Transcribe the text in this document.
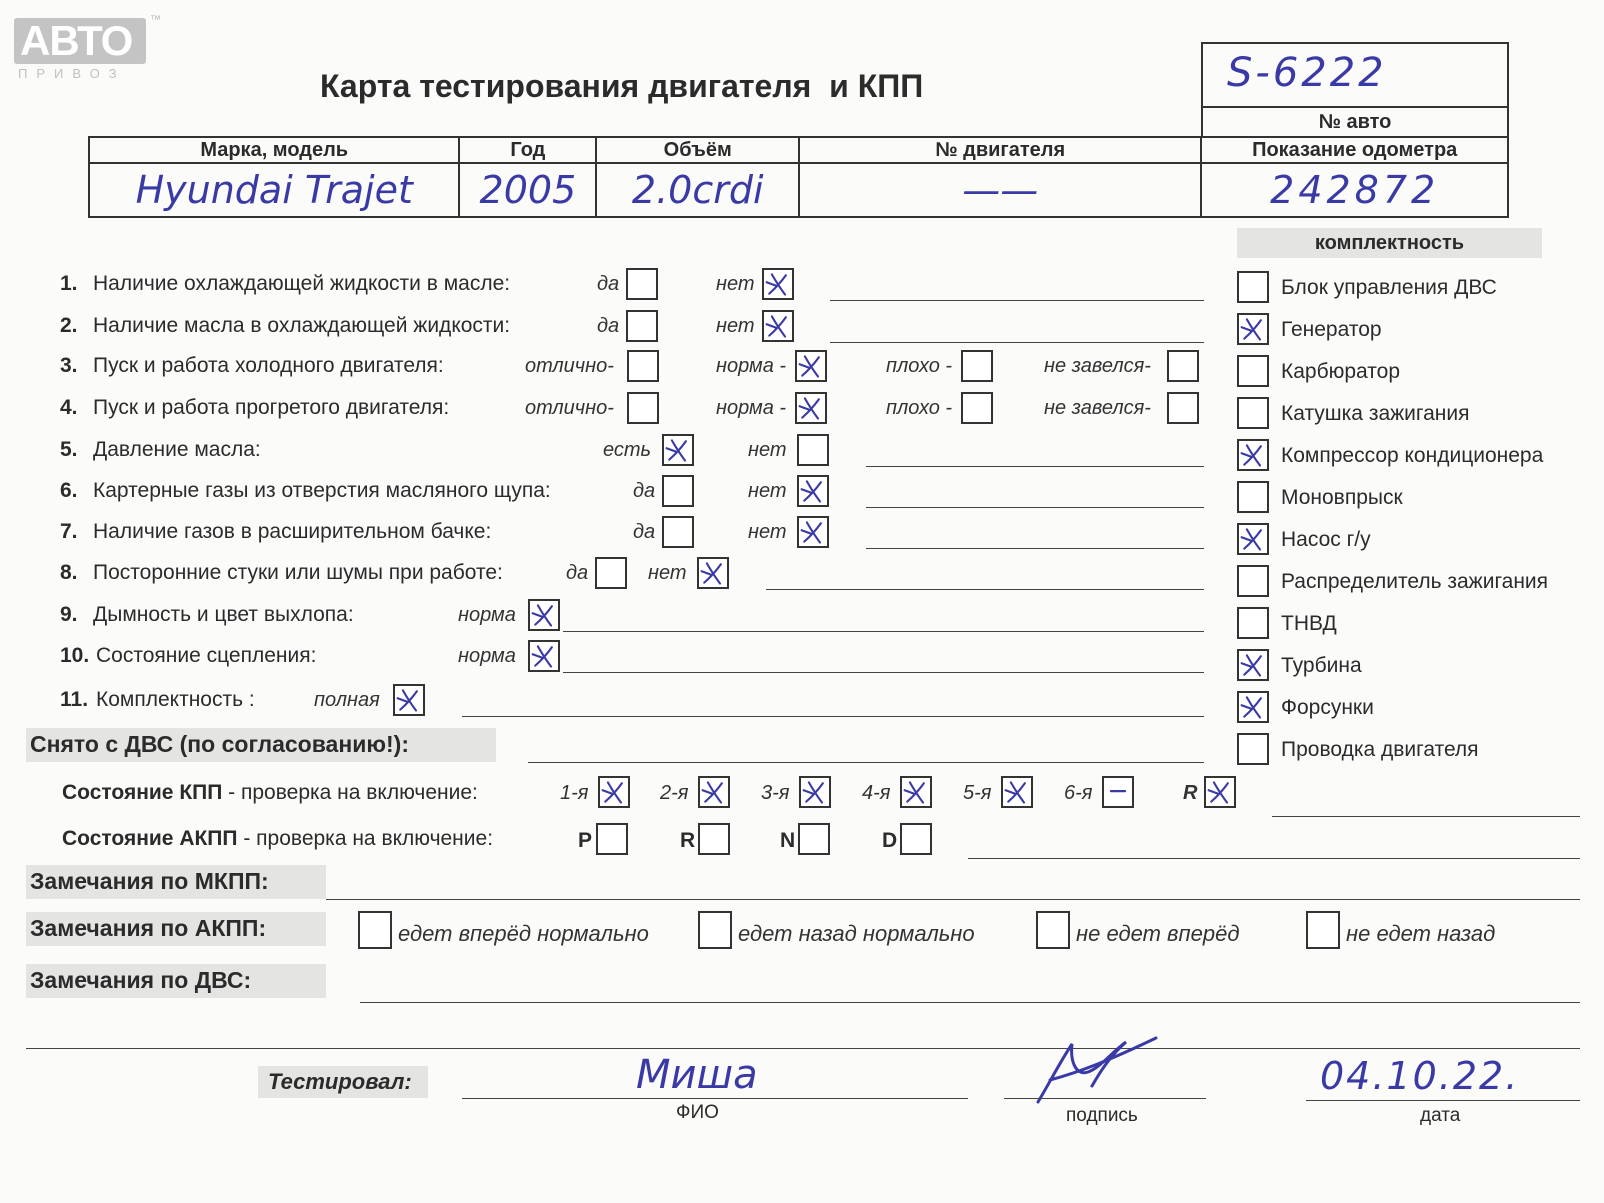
АВТО ™
ПРИВОЗ	Карта тестирования двигателя  и КПП	S-6222
№ авто
Марка, модель	Год	Объём	№ двигателя	Показание одометра
Hyundai Trajet	2005	2.0crdi	——	242872
1. Наличие охлаждающей жидкости в масле:	да	нет
2. Наличие масла в охлаждающей жидкости:	да	нет
3. Пуск и работа холодного двигателя:	отлично-	норма -	плохо -	не завелся-
4. Пуск и работа прогретого двигателя:	отлично-	норма -	плохо -	не завелся-
5. Давление масла:	есть	нет
6. Картерные газы из отверстия масляного щупа:	да	нет
7. Наличие газов в расширительном бачке:	да	нет
8. Посторонние стуки или шумы при работе:	да	нет
9. Дымность и цвет выхлопа:	норма
10. Состояние сцепления:	норма
11. Комплектность :	полная
комплектность
Блок управления ДВС
Генератор
Карбюратор
Катушка зажигания
Компрессор кондиционера
Моновпрыск
Насос г/у
Распределитель зажигания
ТНВД
Турбина
Форсунки
Проводка двигателя
Снято с ДВС (по согласованию!):
Состояние КПП - проверка на включение:	1-я	2-я	3-я	4-я	5-я	6-я	R
Состояние АКПП - проверка на включение:	P	R	N	D
Замечания по МКПП:
Замечания по АКПП:	едет вперёд нормально	едет назад нормально	не едет вперёд	не едет назад
Замечания по ДВС:
Тестировал:	Миша
ФИО	подпись
04.10.22.
дата
